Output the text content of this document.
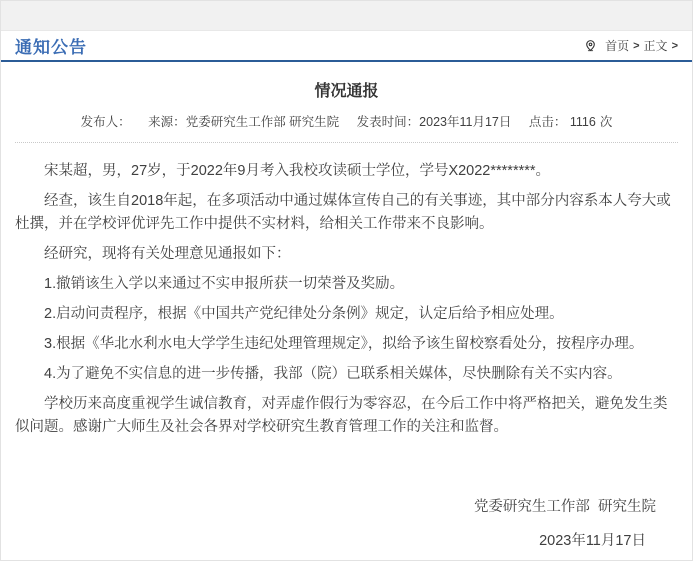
通知公告	首页 > 正文 >
情况通报
发布人： 来源：党委研究生工作部 研究生院 发表时间：2023年11月17日 点击： 1116 次

宋某超，男，27岁，于2022年9月考入我校攻读硕士学位，学号X2022********。

经查，该生自2018年起，在多项活动中通过媒体宣传自己的有关事迹，其中部分内容系本人夸大或杜撰，并在学校评优评先工作中提供不实材料，给相关工作带来不良影响。

经研究，现将有关处理意见通报如下：

1.撤销该生入学以来通过不实申报所获一切荣誉及奖励。

2.启动问责程序，根据《中国共产党纪律处分条例》规定，认定后给予相应处理。

3.根据《华北水利水电大学学生违纪处理管理规定》，拟给予该生留校察看处分，按程序办理。

4.为了避免不实信息的进一步传播，我部（院）已联系相关媒体，尽快删除有关不实内容。

学校历来高度重视学生诚信教育，对弄虚作假行为零容忍，在今后工作中将严格把关，避免发生类似问题。感谢广大师生及社会各界对学校研究生教育管理工作的关注和监督。

党委研究生工作部  研究生院
2023年11月17日
